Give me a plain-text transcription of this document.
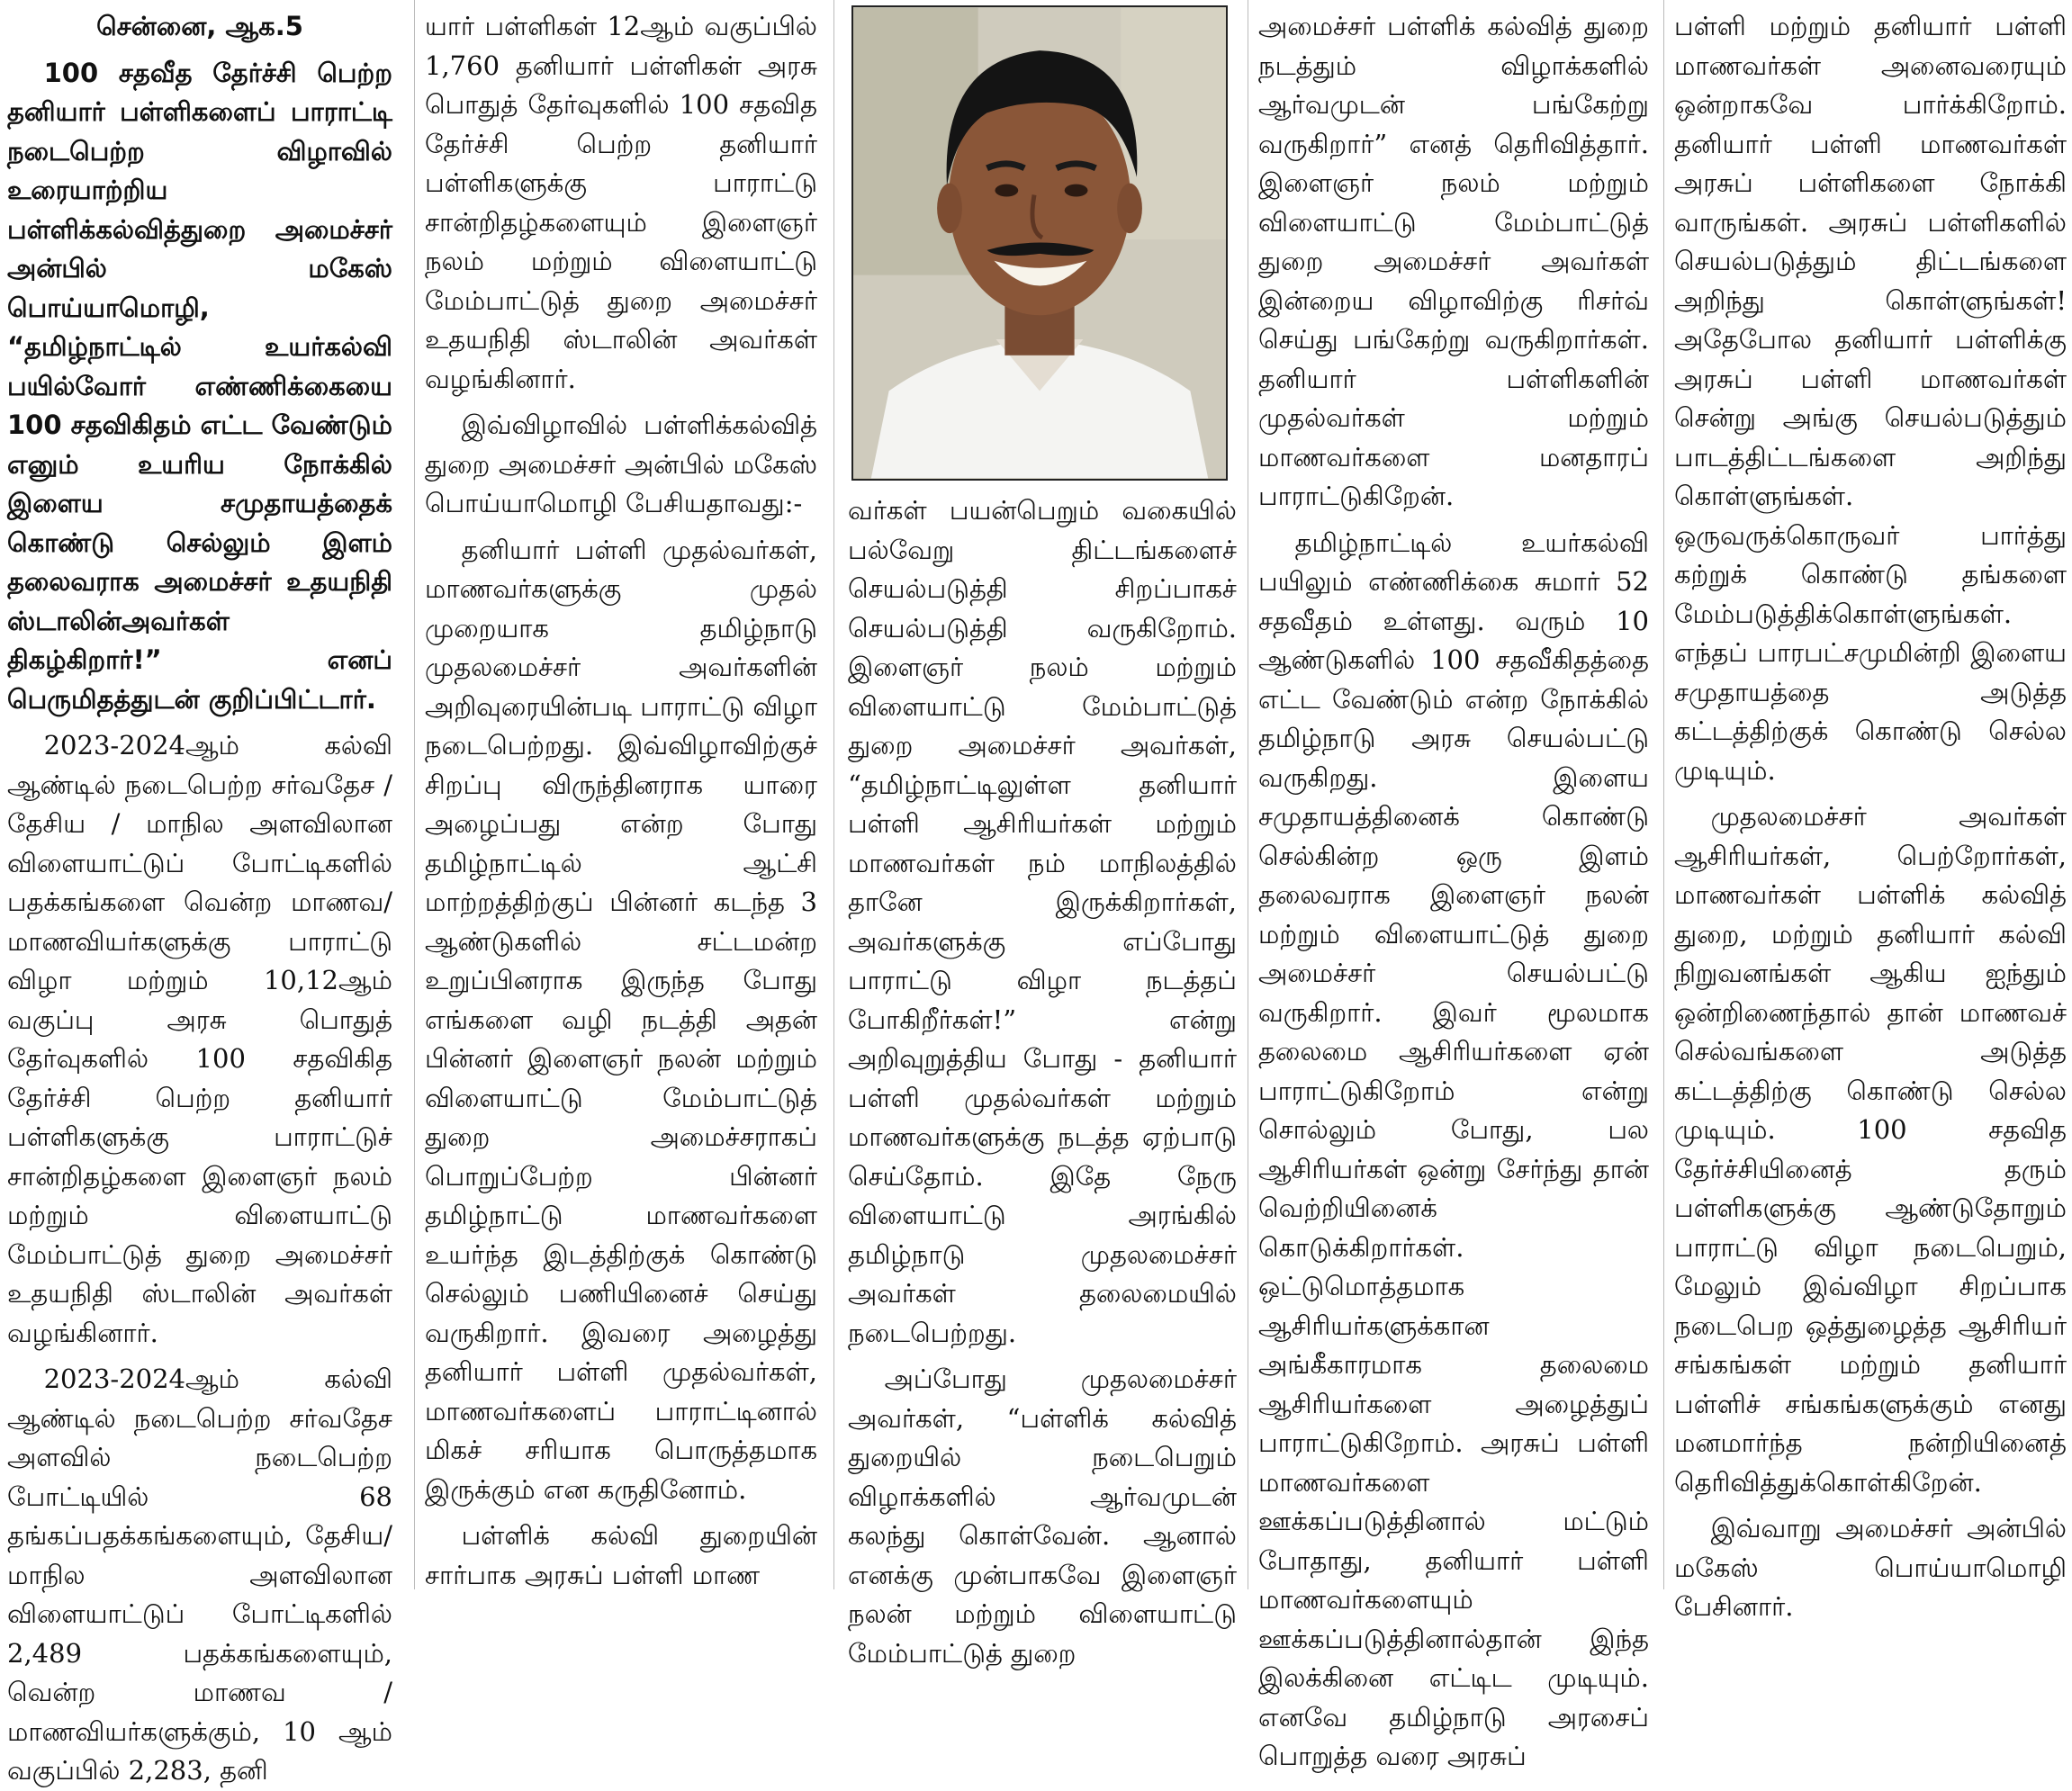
சென்னை, ஆக.5

100 சதவீத தேர்ச்சி பெற்ற தனியார் பள்ளிகளைப் பாராட்டி நடைபெற்ற விழாவில் உரையாற்றிய பள்ளிக்கல்வித்துறை அமைச்சர் அன்பில் மகேஸ் பொய்யாமொழி, “தமிழ்நாட்டில் உயர்கல்வி பயில்வோர் எண்ணிக்கையை 100 சதவிகிதம் எட்ட வேண்டும் எனும் உயரிய நோக்கில் இளைய சமுதாயத்தைக் கொண்டு செல்லும் இளம் தலைவராக அமைச்சர் உதயநிதி ஸ்டாலின்அவர்கள் திகழ்கிறார்!” எனப் பெருமிதத்துடன் குறிப்பிட்டார்.

2023-2024ஆம் கல்வி ஆண்டில் நடைபெற்ற சர்வதேச / தேசிய / மாநில அளவிலான விளையாட்டுப் போட்டிகளில் பதக்கங்களை வென்ற மாணவ/மாணவியர்களுக்கு பாராட்டு விழா மற்றும் 10,12ஆம் வகுப்பு அரசு பொதுத் தேர்வுகளில் 100 சதவிகித தேர்ச்சி பெற்ற தனியார் பள்ளிகளுக்கு பாராட்டுச் சான்றிதழ்களை இளைஞர் நலம் மற்றும் விளையாட்டு மேம்பாட்டுத் துறை அமைச்சர் உதயநிதி ஸ்டாலின் அவர்கள் வழங்கினார்.

2023-2024ஆம் கல்வி ஆண்டில் நடைபெற்ற சர்வதேச அளவில் நடைபெற்ற போட்டியில் 68 தங்கப்பதக்கங்களையும், தேசிய/மாநில அளவிலான விளையாட்டுப் போட்டிகளில் 2,489 பதக்கங்களையும், வென்ற மாணவ / மாணவியர்களுக்கும், 10 ஆம் வகுப்பில் 2,283, தனி

யார் பள்ளிகள் 12ஆம் வகுப்பில் 1,760 தனியார் பள்ளிகள் அரசு பொதுத் தேர்வுகளில் 100 சதவித தேர்ச்சி பெற்ற தனியார் பள்ளிகளுக்கு பாராட்டு சான்றிதழ்களையும் இளைஞர் நலம் மற்றும் விளையாட்டு மேம்பாட்டுத் துறை அமைச்சர் உதயநிதி ஸ்டாலின் அவர்கள் வழங்கினார்.

இவ்விழாவில் பள்ளிக்கல்வித் துறை அமைச்சர் அன்பில் மகேஸ் பொய்யாமொழி பேசியதாவது:-

தனியார் பள்ளி முதல்வர்கள், மாணவர்களுக்கு முதல் முறையாக தமிழ்நாடு முதலமைச்சர் அவர்களின் அறிவுரையின்படி பாராட்டு விழா நடைபெற்றது. இவ்விழாவிற்குச் சிறப்பு விருந்தினராக யாரை அழைப்பது என்ற போது தமிழ்நாட்டில் ஆட்சி மாற்றத்திற்குப் பின்னர் கடந்த 3 ஆண்டுகளில் சட்டமன்ற உறுப்பினராக இருந்த போது எங்களை வழி நடத்தி அதன் பின்னர் இளைஞர் நலன் மற்றும் விளையாட்டு மேம்பாட்டுத் துறை அமைச்சராகப் பொறுப்பேற்ற பின்னர் தமிழ்நாட்டு மாணவர்களை உயர்ந்த இடத்திற்குக் கொண்டு செல்லும் பணியினைச் செய்து வருகிறார். இவரை அழைத்து தனியார் பள்ளி முதல்வர்கள், மாணவர்களைப் பாராட்டினால் மிகச் சரியாக பொருத்தமாக இருக்கும் என கருதினோம்.

பள்ளிக் கல்வி துறையின் சார்பாக அரசுப் பள்ளி மாண

வர்கள் பயன்பெறும் வகையில் பல்வேறு திட்டங்களைச் செயல்படுத்தி சிறப்பாகச் செயல்படுத்தி வருகிறோம். இளைஞர் நலம் மற்றும் விளையாட்டு மேம்பாட்டுத் துறை அமைச்சர் அவர்கள், “தமிழ்நாட்டிலுள்ள தனியார் பள்ளி ஆசிரியர்கள் மற்றும் மாணவர்கள் நம் மாநிலத்தில் தானே இருக்கிறார்கள், அவர்களுக்கு எப்போது பாராட்டு விழா நடத்தப் போகிறீர்கள்!” என்று அறிவுறுத்திய போது - தனியார் பள்ளி முதல்வர்கள் மற்றும் மாணவர்களுக்கு நடத்த ஏற்பாடு செய்தோம். இதே நேரு விளையாட்டு அரங்கில் தமிழ்நாடு முதலமைச்சர் அவர்கள் தலைமையில் நடைபெற்றது.

அப்போது முதலமைச்சர் அவர்கள், “பள்ளிக் கல்வித் துறையில் நடைபெறும் விழாக்களில் ஆர்வமுடன் கலந்து கொள்வேன். ஆனால் எனக்கு முன்பாகவே இளைஞர் நலன் மற்றும் விளையாட்டு மேம்பாட்டுத் துறை

அமைச்சர் பள்ளிக் கல்வித் துறை நடத்தும் விழாக்களில் ஆர்வமுடன் பங்கேற்று வருகிறார்” எனத் தெரிவித்தார். இளைஞர் நலம் மற்றும் விளையாட்டு மேம்பாட்டுத் துறை அமைச்சர் அவர்கள் இன்றைய விழாவிற்கு ரிசர்வ் செய்து பங்கேற்று வருகிறார்கள். தனியார் பள்ளிகளின் முதல்வர்கள் மற்றும் மாணவர்களை மனதாரப் பாராட்டுகிறேன்.

தமிழ்நாட்டில் உயர்கல்வி பயிலும் எண்ணிக்கை சுமார் 52 சதவீதம் உள்ளது. வரும் 10 ஆண்டுகளில் 100 சதவீகிதத்தை எட்ட வேண்டும் என்ற நோக்கில் தமிழ்நாடு அரசு செயல்பட்டு வருகிறது. இளைய சமுதாயத்தினைக் கொண்டு செல்கின்ற ஒரு இளம் தலைவராக இளைஞர் நலன் மற்றும் விளையாட்டுத் துறை அமைச்சர் செயல்பட்டு வருகிறார். இவர் மூலமாக தலைமை ஆசிரியர்களை ஏன் பாராட்டுகிறோம் என்று சொல்லும் போது, பல ஆசிரியர்கள் ஒன்று சேர்ந்து தான் வெற்றியினைக் கொடுக்கிறார்கள். ஒட்டுமொத்தமாக ஆசிரியர்களுக்கான அங்கீகாரமாக தலைமை ஆசிரியர்களை அழைத்துப் பாராட்டுகிறோம். அரசுப் பள்ளி மாணவர்களை ஊக்கப்படுத்தினால் மட்டும் போதாது, தனியார் பள்ளி மாணவர்களையும் ஊக்கப்படுத்தினால்தான் இந்த இலக்கினை எட்டிட முடியும். எனவே தமிழ்நாடு அரசைப் பொறுத்த வரை அரசுப்

பள்ளி மற்றும் தனியார் பள்ளி மாணவர்கள் அனைவரையும் ஒன்றாகவே பார்க்கிறோம். தனியார் பள்ளி மாணவர்கள் அரசுப் பள்ளிகளை நோக்கி வாருங்கள். அரசுப் பள்ளிகளில் செயல்படுத்தும் திட்டங்களை அறிந்து கொள்ளுங்கள்! அதேபோல தனியார் பள்ளிக்கு அரசுப் பள்ளி மாணவர்கள் சென்று அங்கு செயல்படுத்தும் பாடத்திட்டங்களை அறிந்து கொள்ளுங்கள். ஒருவருக்கொருவர் பார்த்து கற்றுக் கொண்டு தங்களை மேம்படுத்திக்கொள்ளுங்கள். எந்தப் பாரபட்சமுமின்றி இளைய சமுதாயத்தை அடுத்த கட்டத்திற்குக் கொண்டு செல்ல முடியும்.

முதலமைச்சர் அவர்கள் ஆசிரியர்கள், பெற்றோர்கள், மாணவர்கள் பள்ளிக் கல்வித் துறை, மற்றும் தனியார் கல்வி நிறுவனங்கள் ஆகிய ஐந்தும் ஒன்றிணைந்தால் தான் மாணவச் செல்வங்களை அடுத்த கட்டத்திற்கு கொண்டு செல்ல முடியும். 100 சதவித தேர்ச்சியினைத் தரும் பள்ளிகளுக்கு ஆண்டுதோறும் பாராட்டு விழா நடைபெறும், மேலும் இவ்விழா சிறப்பாக நடைபெற ஒத்துழைத்த ஆசிரியர் சங்கங்கள் மற்றும் தனியார் பள்ளிச் சங்கங்களுக்கும் எனது மனமார்ந்த நன்றியினைத் தெரிவித்துக்கொள்கிறேன்.

இவ்வாறு அமைச்சர் அன்பில் மகேஸ் பொய்யாமொழி பேசினார்.
